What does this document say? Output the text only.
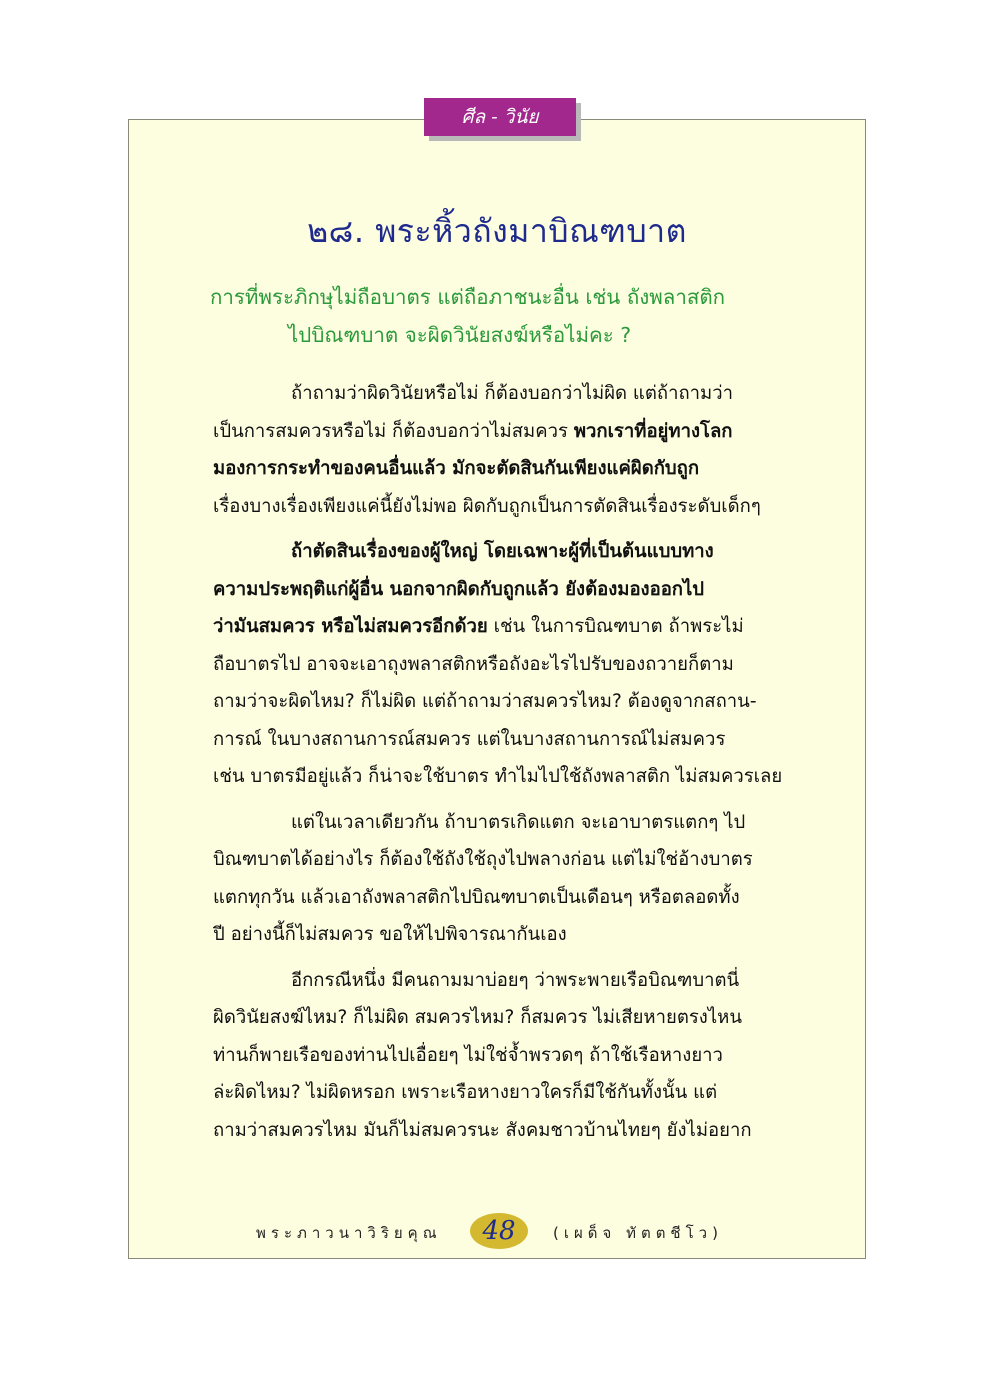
ศีล - วินัย
๒๘. พระหิ้วถังมาบิณฑบาต
การที่พระภิกษุไม่ถือบาตร แต่ถือภาชนะอื่น เช่น ถังพลาสติก
ไปบิณฑบาต จะผิดวินัยสงฆ์หรือไม่คะ ?
ถ้าถามว่าผิดวินัยหรือไม่ ก็ต้องบอกว่าไม่ผิด แต่ถ้าถามว่า
เป็นการสมควรหรือไม่ ก็ต้องบอกว่าไม่สมควร พวกเราที่อยู่ทางโลก
มองการกระทำของคนอื่นแล้ว มักจะตัดสินกันเพียงแค่ผิดกับถูก
เรื่องบางเรื่องเพียงแค่นี้ยังไม่พอ ผิดกับถูกเป็นการตัดสินเรื่องระดับเด็กๆ
ถ้าตัดสินเรื่องของผู้ใหญ่ โดยเฉพาะผู้ที่เป็นต้นแบบทาง
ความประพฤติแก่ผู้อื่น นอกจากผิดกับถูกแล้ว ยังต้องมองออกไป
ว่ามันสมควร หรือไม่สมควรอีกด้วย เช่น ในการบิณฑบาต ถ้าพระไม่
ถือบาตรไป อาจจะเอาถุงพลาสติกหรือถังอะไรไปรับของถวายก็ตาม
ถามว่าจะผิดไหม? ก็ไม่ผิด แต่ถ้าถามว่าสมควรไหม? ต้องดูจากสถาน-
การณ์ ในบางสถานการณ์สมควร แต่ในบางสถานการณ์ไม่สมควร
เช่น บาตรมีอยู่แล้ว ก็น่าจะใช้บาตร ทำไมไปใช้ถังพลาสติก ไม่สมควรเลย
แต่ในเวลาเดียวกัน ถ้าบาตรเกิดแตก จะเอาบาตรแตกๆ ไป
บิณฑบาตได้อย่างไร ก็ต้องใช้ถังใช้ถุงไปพลางก่อน แต่ไม่ใช่อ้างบาตร
แตกทุกวัน แล้วเอาถังพลาสติกไปบิณฑบาตเป็นเดือนๆ หรือตลอดทั้ง
ปี อย่างนี้ก็ไม่สมควร ขอให้ไปพิจารณากันเอง
อีกกรณีหนึ่ง มีคนถามมาบ่อยๆ ว่าพระพายเรือบิณฑบาตนี่
ผิดวินัยสงฆ์ไหม? ก็ไม่ผิด สมควรไหม? ก็สมควร ไม่เสียหายตรงไหน
ท่านก็พายเรือของท่านไปเอื่อยๆ ไม่ใช่จ้ำพรวดๆ ถ้าใช้เรือหางยาว
ล่ะผิดไหม? ไม่ผิดหรอก เพราะเรือหางยาวใครก็มีใช้กันทั้งนั้น แต่
ถามว่าสมควรไหม มันก็ไม่สมควรนะ สังคมชาวบ้านไทยๆ ยังไม่อยาก
พระภาวนาวิริยคุณ 48 (เผด็จ ทัตตชีโว)
